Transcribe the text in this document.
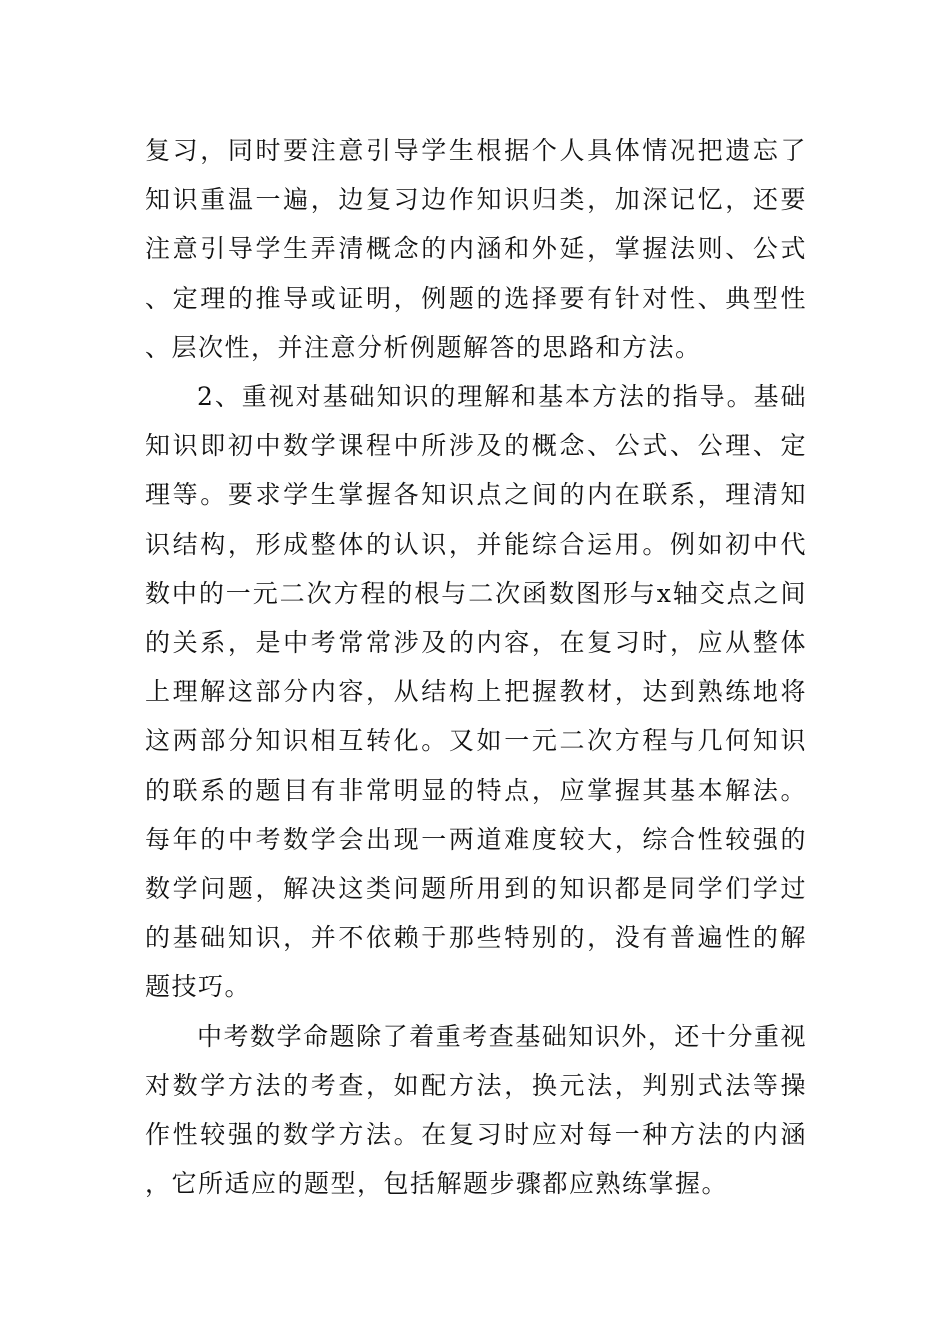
复习，同时要注意引导学生根据个人具体情况把遗忘了知识重温一遍，边复习边作知识归类，加深记忆，还要注意引导学生弄清概念的内涵和外延，掌握法则、公式、定理的推导或证明，例题的选择要有针对性、典型性、层次性，并注意分析例题解答的思路和方法。

2、重视对基础知识的理解和基本方法的指导。基础知识即初中数学课程中所涉及的概念、公式、公理、定理等。要求学生掌握各知识点之间的内在联系，理清知识结构，形成整体的认识，并能综合运用。例如初中代数中的一元二次方程的根与二次函数图形与x轴交点之间的关系，是中考常常涉及的内容，在复习时，应从整体上理解这部分内容，从结构上把握教材，达到熟练地将这两部分知识相互转化。又如一元二次方程与几何知识的联系的题目有非常明显的特点，应掌握其基本解法。每年的中考数学会出现一两道难度较大，综合性较强的数学问题，解决这类问题所用到的知识都是同学们学过的基础知识，并不依赖于那些特别的，没有普遍性的解题技巧。

中考数学命题除了着重考查基础知识外，还十分重视对数学方法的考查，如配方法，换元法，判别式法等操作性较强的数学方法。在复习时应对每一种方法的内涵，它所适应的题型，包括解题步骤都应熟练掌握。
